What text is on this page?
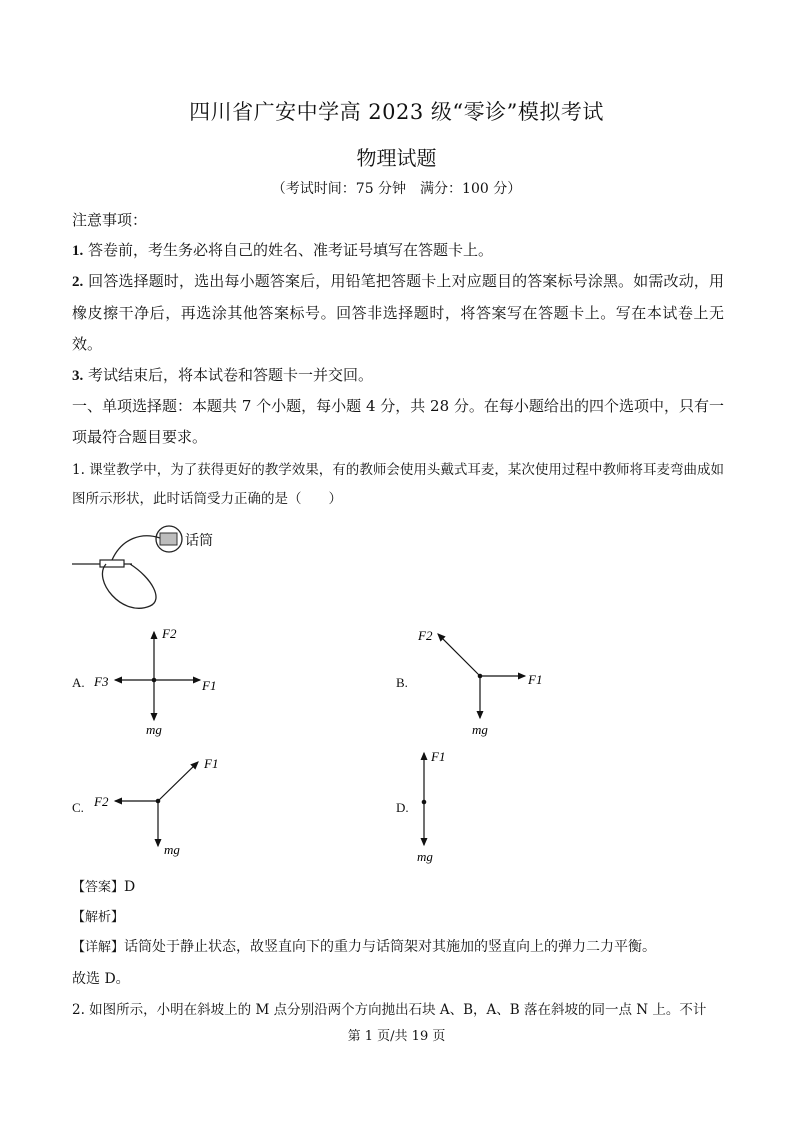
四川省广安中学高 2023 级“零诊”模拟考试
物理试题
（考试时间：75 分钟　满分：100 分）
注意事项：
1. 答卷前，考生务必将自己的姓名、准考证号填写在答题卡上。
2. 回答选择题时，选出每小题答案后，用铅笔把答题卡上对应题目的答案标号涂黑。如需改动，用橡皮擦干净后，再选涂其他答案标号。回答非选择题时，将答案写在答题卡上。写在本试卷上无效。
3. 考试结束后，将本试卷和答题卡一并交回。
一、单项选择题：本题共 7 个小题，每小题 4 分，共 28 分。在每小题给出的四个选项中，只有一项最符合题目要求。
1. 课堂教学中，为了获得更好的教学效果，有的教师会使用头戴式耳麦，某次使用过程中教师将耳麦弯曲成如图所示形状，此时话筒受力正确的是（　　）
话筒
A.
F2
F3	F1
mg
B.
F2
F1
mg
C.
F1
F2
mg
D.
F1
mg
【答案】D
【解析】
【详解】话筒处于静止状态，故竖直向下的重力与话筒架对其施加的竖直向上的弹力二力平衡。
故选 D。
2. 如图所示，小明在斜坡上的 M 点分别沿两个方向抛出石块 A、B，A、B 落在斜坡的同一点 N 上。不计
第 1 页/共 19 页
